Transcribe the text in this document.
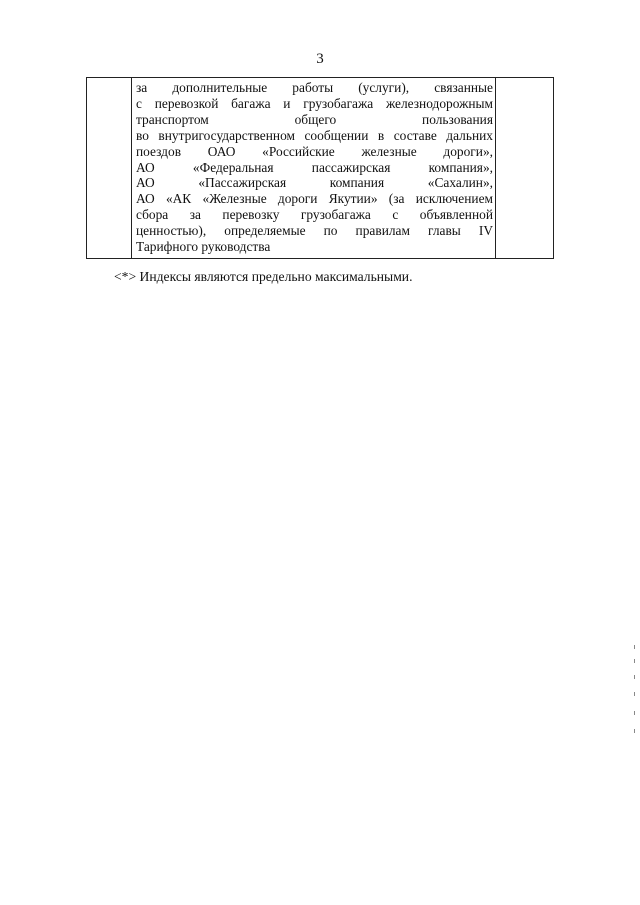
3
за дополнительные работы (услуги), связанные
с перевозкой багажа и грузобагажа железнодорожным
транспортом общего пользования
во внутригосударственном сообщении в составе дальних
поездов ОАО «Российские железные дороги»,
АО «Федеральная пассажирская компания»,
АО «Пассажирская компания «Сахалин»,
АО «АК «Железные дороги Якутии» (за исключением
сбора за перевозку грузобагажа с объявленной
ценностью), определяемые по правилам главы IV
Тарифного руководства
<*> Индексы являются предельно максимальными.
